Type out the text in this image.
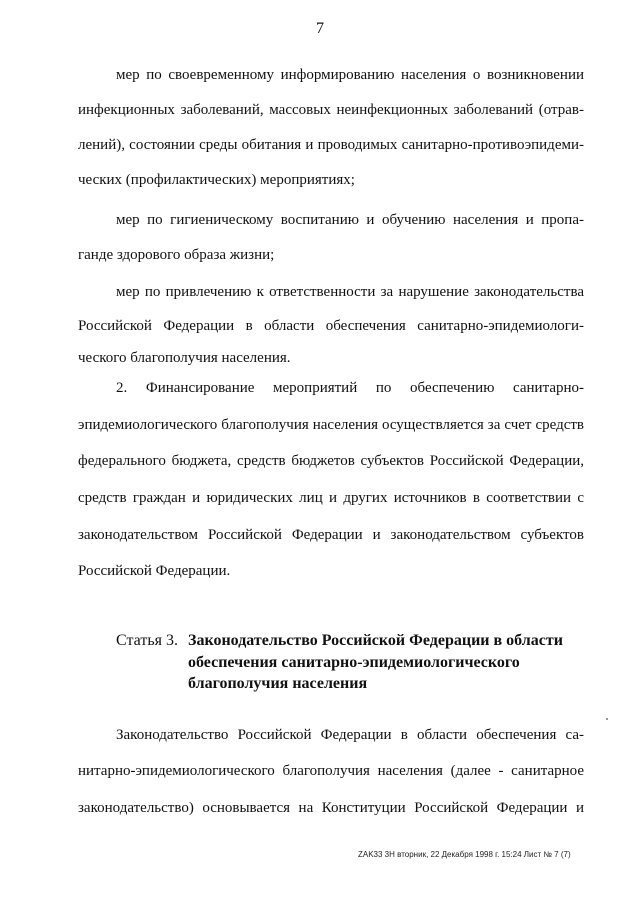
7
мер по своевременному информированию населения о возникновении
инфекционных заболеваний, массовых неинфекционных заболеваний (отрав-
лений), состоянии среды обитания и проводимых санитарно-противоэпидеми-
ческих (профилактических) мероприятиях;
мер по гигиеническому воспитанию и обучению населения и пропа-
ганде здорового образа жизни;
мер по привлечению к ответственности за нарушение законодательства
Российской Федерации в области обеспечения санитарно-эпидемиологи-
ческого благополучия населения.
2. Финансирование мероприятий по обеспечению санитарно-
эпидемиологического благополучия населения осуществляется за счет средств
федерального бюджета, средств бюджетов субъектов Российской Федерации,
средств граждан и юридических лиц и других источников в соответствии с
законодательством Российской Федерации и законодательством субъектов
Российской Федерации.
Статья 3. Законодательство Российской Федерации в области
обеспечения санитарно-эпидемиологического
благополучия населения
Законодательство Российской Федерации в области обеспечения са-
нитарно-эпидемиологического благополучия населения (далее - санитарное
законодательство) основывается на Конституции Российской Федерации и
ZAK33 3Н вторник, 22 Декабря 1998 г. 15:24 Лист № 7 (7)
